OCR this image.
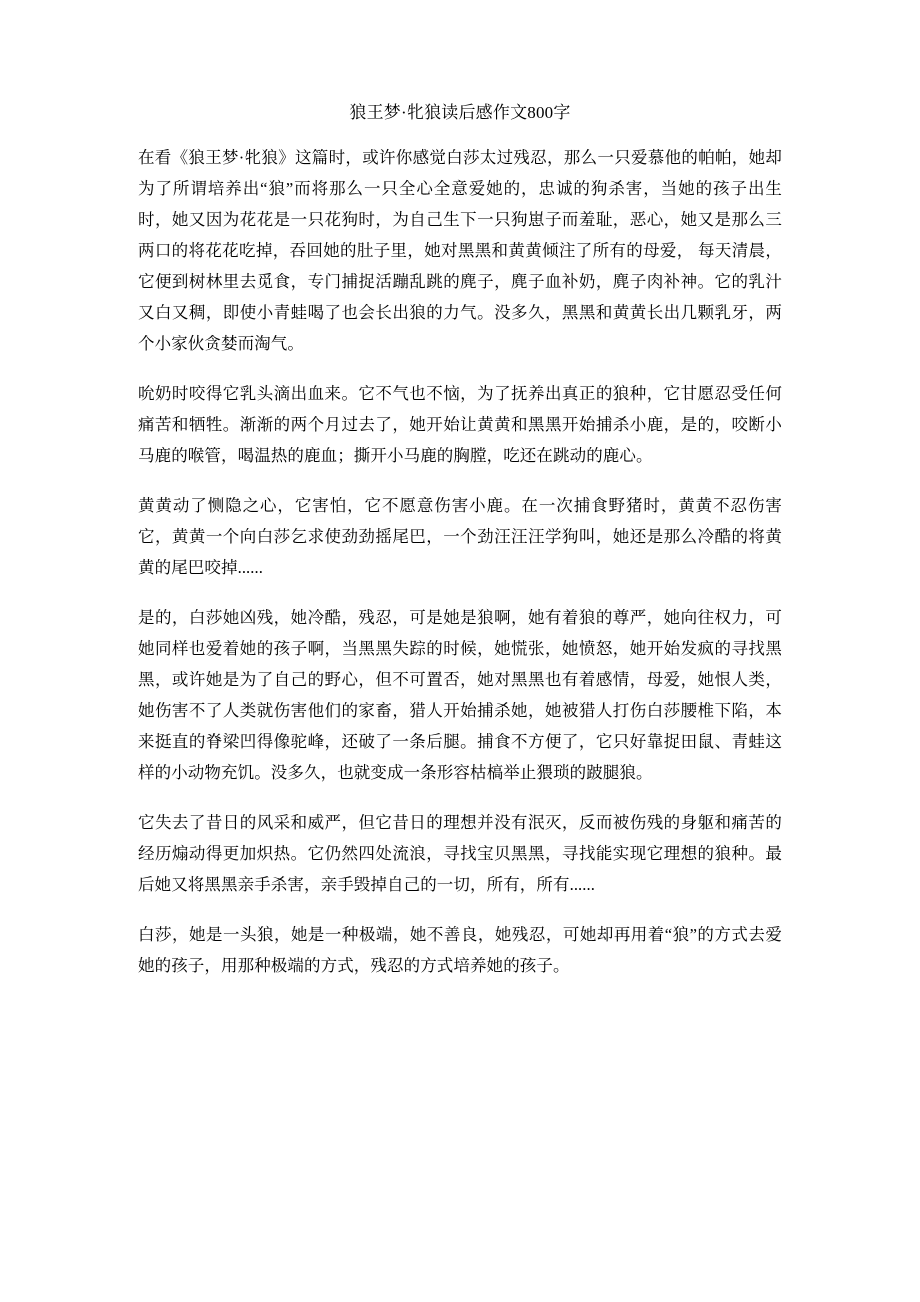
狼王梦·牝狼读后感作文800字

在看《狼王梦·牝狼》这篇时，或许你感觉白莎太过残忍，那么一只爱慕他的帕帕，她却为了所谓培养出“狼”而将那么一只全心全意爱她的，忠诚的狗杀害，当她的孩子出生时，她又因为花花是一只花狗时，为自己生下一只狗崽子而羞耻，恶心，她又是那么三两口的将花花吃掉，吞回她的肚子里，她对黑黑和黄黄倾注了所有的母爱， 每天清晨，它便到树林里去觅食，专门捕捉活蹦乱跳的麂子，麂子血补奶，麂子肉补神。它的乳汁又白又稠，即使小青蛙喝了也会长出狼的力气。没多久，黑黑和黄黄长出几颗乳牙，两个小家伙贪婪而淘气。

吮奶时咬得它乳头滴出血来。它不气也不恼，为了抚养出真正的狼种，它甘愿忍受任何痛苦和牺牲。渐渐的两个月过去了，她开始让黄黄和黑黑开始捕杀小鹿，是的，咬断小马鹿的喉管，喝温热的鹿血；撕开小马鹿的胸膛，吃还在跳动的鹿心。

黄黄动了恻隐之心，它害怕，它不愿意伤害小鹿。在一次捕食野猪时，黄黄不忍伤害它，黄黄一个向白莎乞求使劲劲摇尾巴，一个劲汪汪汪学狗叫，她还是那么冷酷的将黄黄的尾巴咬掉......

是的，白莎她凶残，她冷酷，残忍，可是她是狼啊，她有着狼的尊严，她向往权力，可她同样也爱着她的孩子啊，当黑黑失踪的时候，她慌张，她愤怒，她开始发疯的寻找黑黑，或许她是为了自己的野心，但不可置否，她对黑黑也有着感情，母爱，她恨人类，她伤害不了人类就伤害他们的家畜，猎人开始捕杀她，她被猎人打伤白莎腰椎下陷，本来挺直的脊梁凹得像驼峰，还破了一条后腿。捕食不方便了，它只好靠捉田鼠、青蛙这样的小动物充饥。没多久，也就变成一条形容枯槁举止猥琐的跛腿狼。

它失去了昔日的风采和威严，但它昔日的理想并没有泯灭，反而被伤残的身躯和痛苦的经历煽动得更加炽热。它仍然四处流浪，寻找宝贝黑黑，寻找能实现它理想的狼种。最后她又将黑黑亲手杀害，亲手毁掉自己的一切，所有，所有......

白莎，她是一头狼，她是一种极端，她不善良，她残忍，可她却再用着“狼”的方式去爱她的孩子，用那种极端的方式，残忍的方式培养她的孩子。
